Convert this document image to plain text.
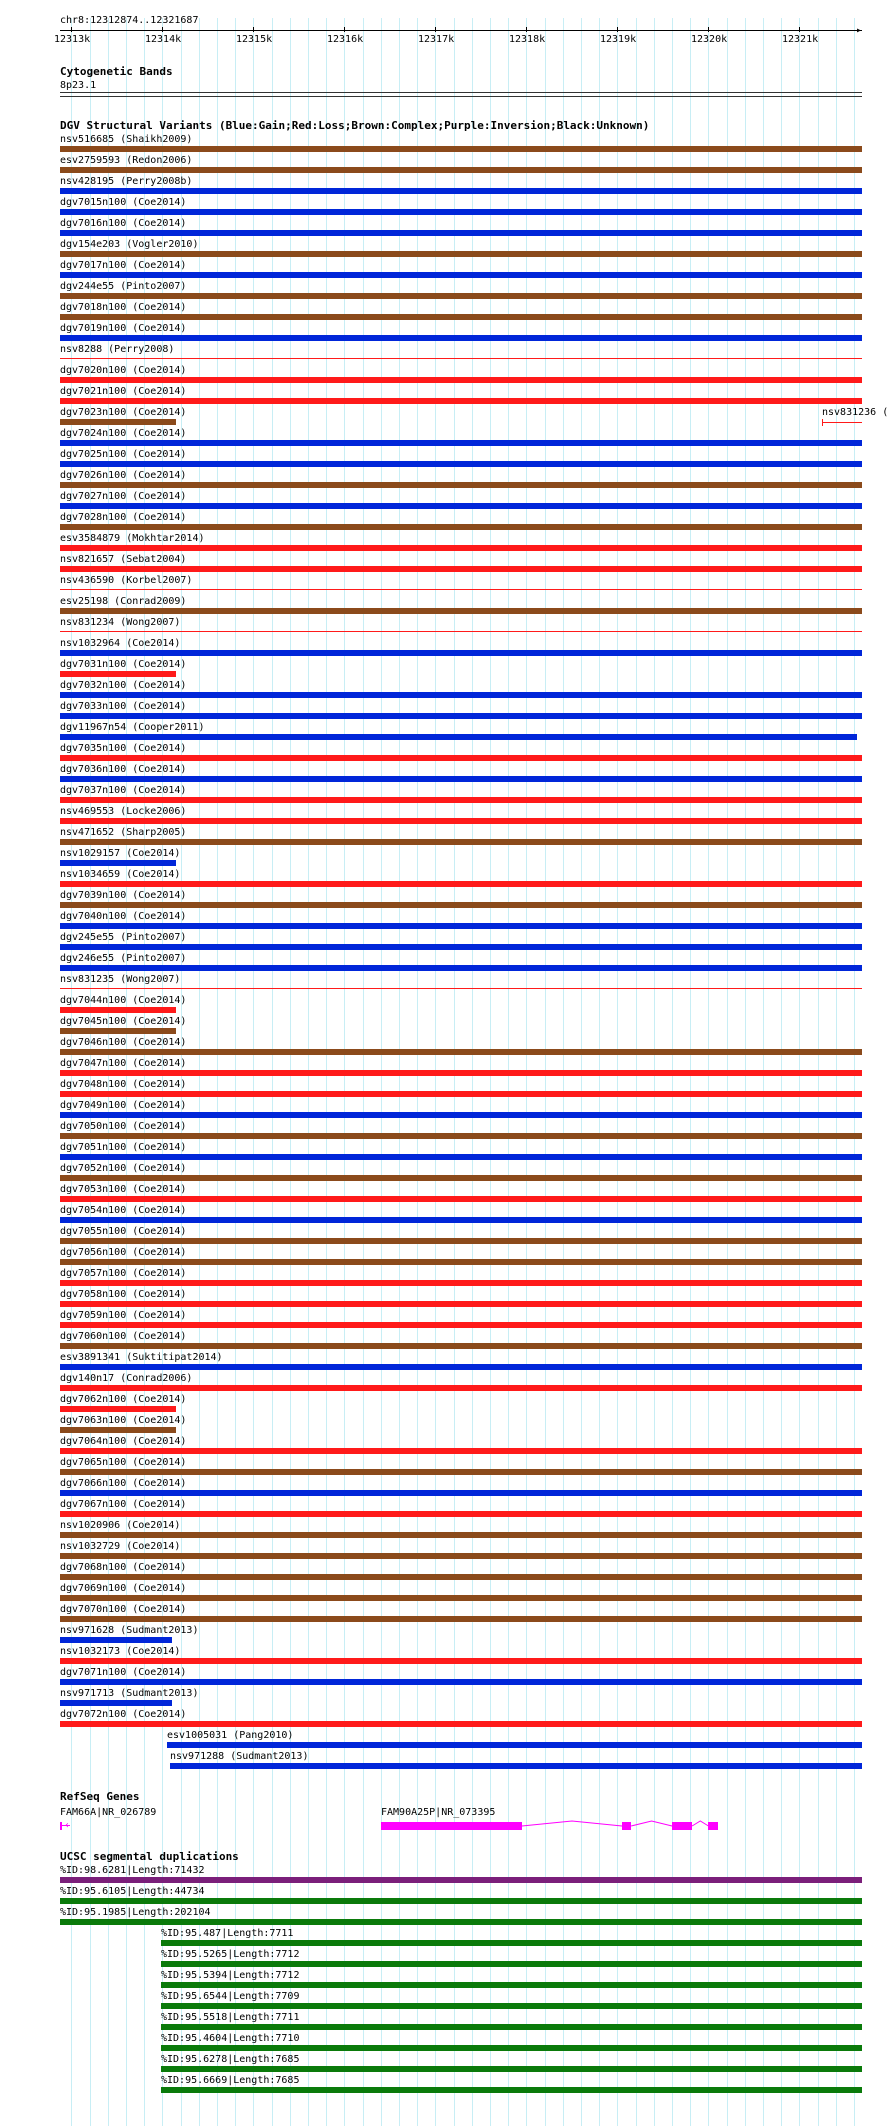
chr8:12312874..12321687
▸
12313k	12314k	12315k	12316k	12317k	12318k	12319k	12320k	12321k
Cytogenetic Bands
8p23.1
DGV Structural Variants (Blue:Gain;Red:Loss;Brown:Complex;Purple:Inversion;Black:Unknown)
nsv516685 (Shaikh2009)
esv2759593 (Redon2006)
nsv428195 (Perry2008b)
dgv7015n100 (Coe2014)
dgv7016n100 (Coe2014)
dgv154e203 (Vogler2010)
dgv7017n100 (Coe2014)
dgv244e55 (Pinto2007)
dgv7018n100 (Coe2014)
dgv7019n100 (Coe2014)
nsv8288 (Perry2008)
dgv7020n100 (Coe2014)
dgv7021n100 (Coe2014)
dgv7023n100 (Coe2014)	nsv831236 (
dgv7024n100 (Coe2014)
dgv7025n100 (Coe2014)
dgv7026n100 (Coe2014)
dgv7027n100 (Coe2014)
dgv7028n100 (Coe2014)
esv3584879 (Mokhtar2014)
nsv821657 (Sebat2004)
nsv436590 (Korbel2007)
esv25198 (Conrad2009)
nsv831234 (Wong2007)
nsv1032964 (Coe2014)
dgv7031n100 (Coe2014)
dgv7032n100 (Coe2014)
dgv7033n100 (Coe2014)
dgv11967n54 (Cooper2011)
dgv7035n100 (Coe2014)
dgv7036n100 (Coe2014)
dgv7037n100 (Coe2014)
nsv469553 (Locke2006)
nsv471652 (Sharp2005)
nsv1029157 (Coe2014)
nsv1034659 (Coe2014)
dgv7039n100 (Coe2014)
dgv7040n100 (Coe2014)
dgv245e55 (Pinto2007)
dgv246e55 (Pinto2007)
nsv831235 (Wong2007)
dgv7044n100 (Coe2014)
dgv7045n100 (Coe2014)
dgv7046n100 (Coe2014)
dgv7047n100 (Coe2014)
dgv7048n100 (Coe2014)
dgv7049n100 (Coe2014)
dgv7050n100 (Coe2014)
dgv7051n100 (Coe2014)
dgv7052n100 (Coe2014)
dgv7053n100 (Coe2014)
dgv7054n100 (Coe2014)
dgv7055n100 (Coe2014)
dgv7056n100 (Coe2014)
dgv7057n100 (Coe2014)
dgv7058n100 (Coe2014)
dgv7059n100 (Coe2014)
dgv7060n100 (Coe2014)
esv3891341 (Suktitipat2014)
dgv140n17 (Conrad2006)
dgv7062n100 (Coe2014)
dgv7063n100 (Coe2014)
dgv7064n100 (Coe2014)
dgv7065n100 (Coe2014)
dgv7066n100 (Coe2014)
dgv7067n100 (Coe2014)
nsv1020906 (Coe2014)
nsv1032729 (Coe2014)
dgv7068n100 (Coe2014)
dgv7069n100 (Coe2014)
dgv7070n100 (Coe2014)
nsv971628 (Sudmant2013)
nsv1032173 (Coe2014)
dgv7071n100 (Coe2014)
nsv971713 (Sudmant2013)
dgv7072n100 (Coe2014)
esv1005031 (Pang2010)
nsv971288 (Sudmant2013)
RefSeq Genes
FAM66A|NR_026789
‹
FAM90A25P|NR_073395
UCSC segmental duplications
%ID:98.6281|Length:71432
%ID:95.6105|Length:44734
%ID:95.1985|Length:202104
%ID:95.487|Length:7711
%ID:95.5265|Length:7712
%ID:95.5394|Length:7712
%ID:95.6544|Length:7709
%ID:95.5518|Length:7711
%ID:95.4604|Length:7710
%ID:95.6278|Length:7685
%ID:95.6669|Length:7685
